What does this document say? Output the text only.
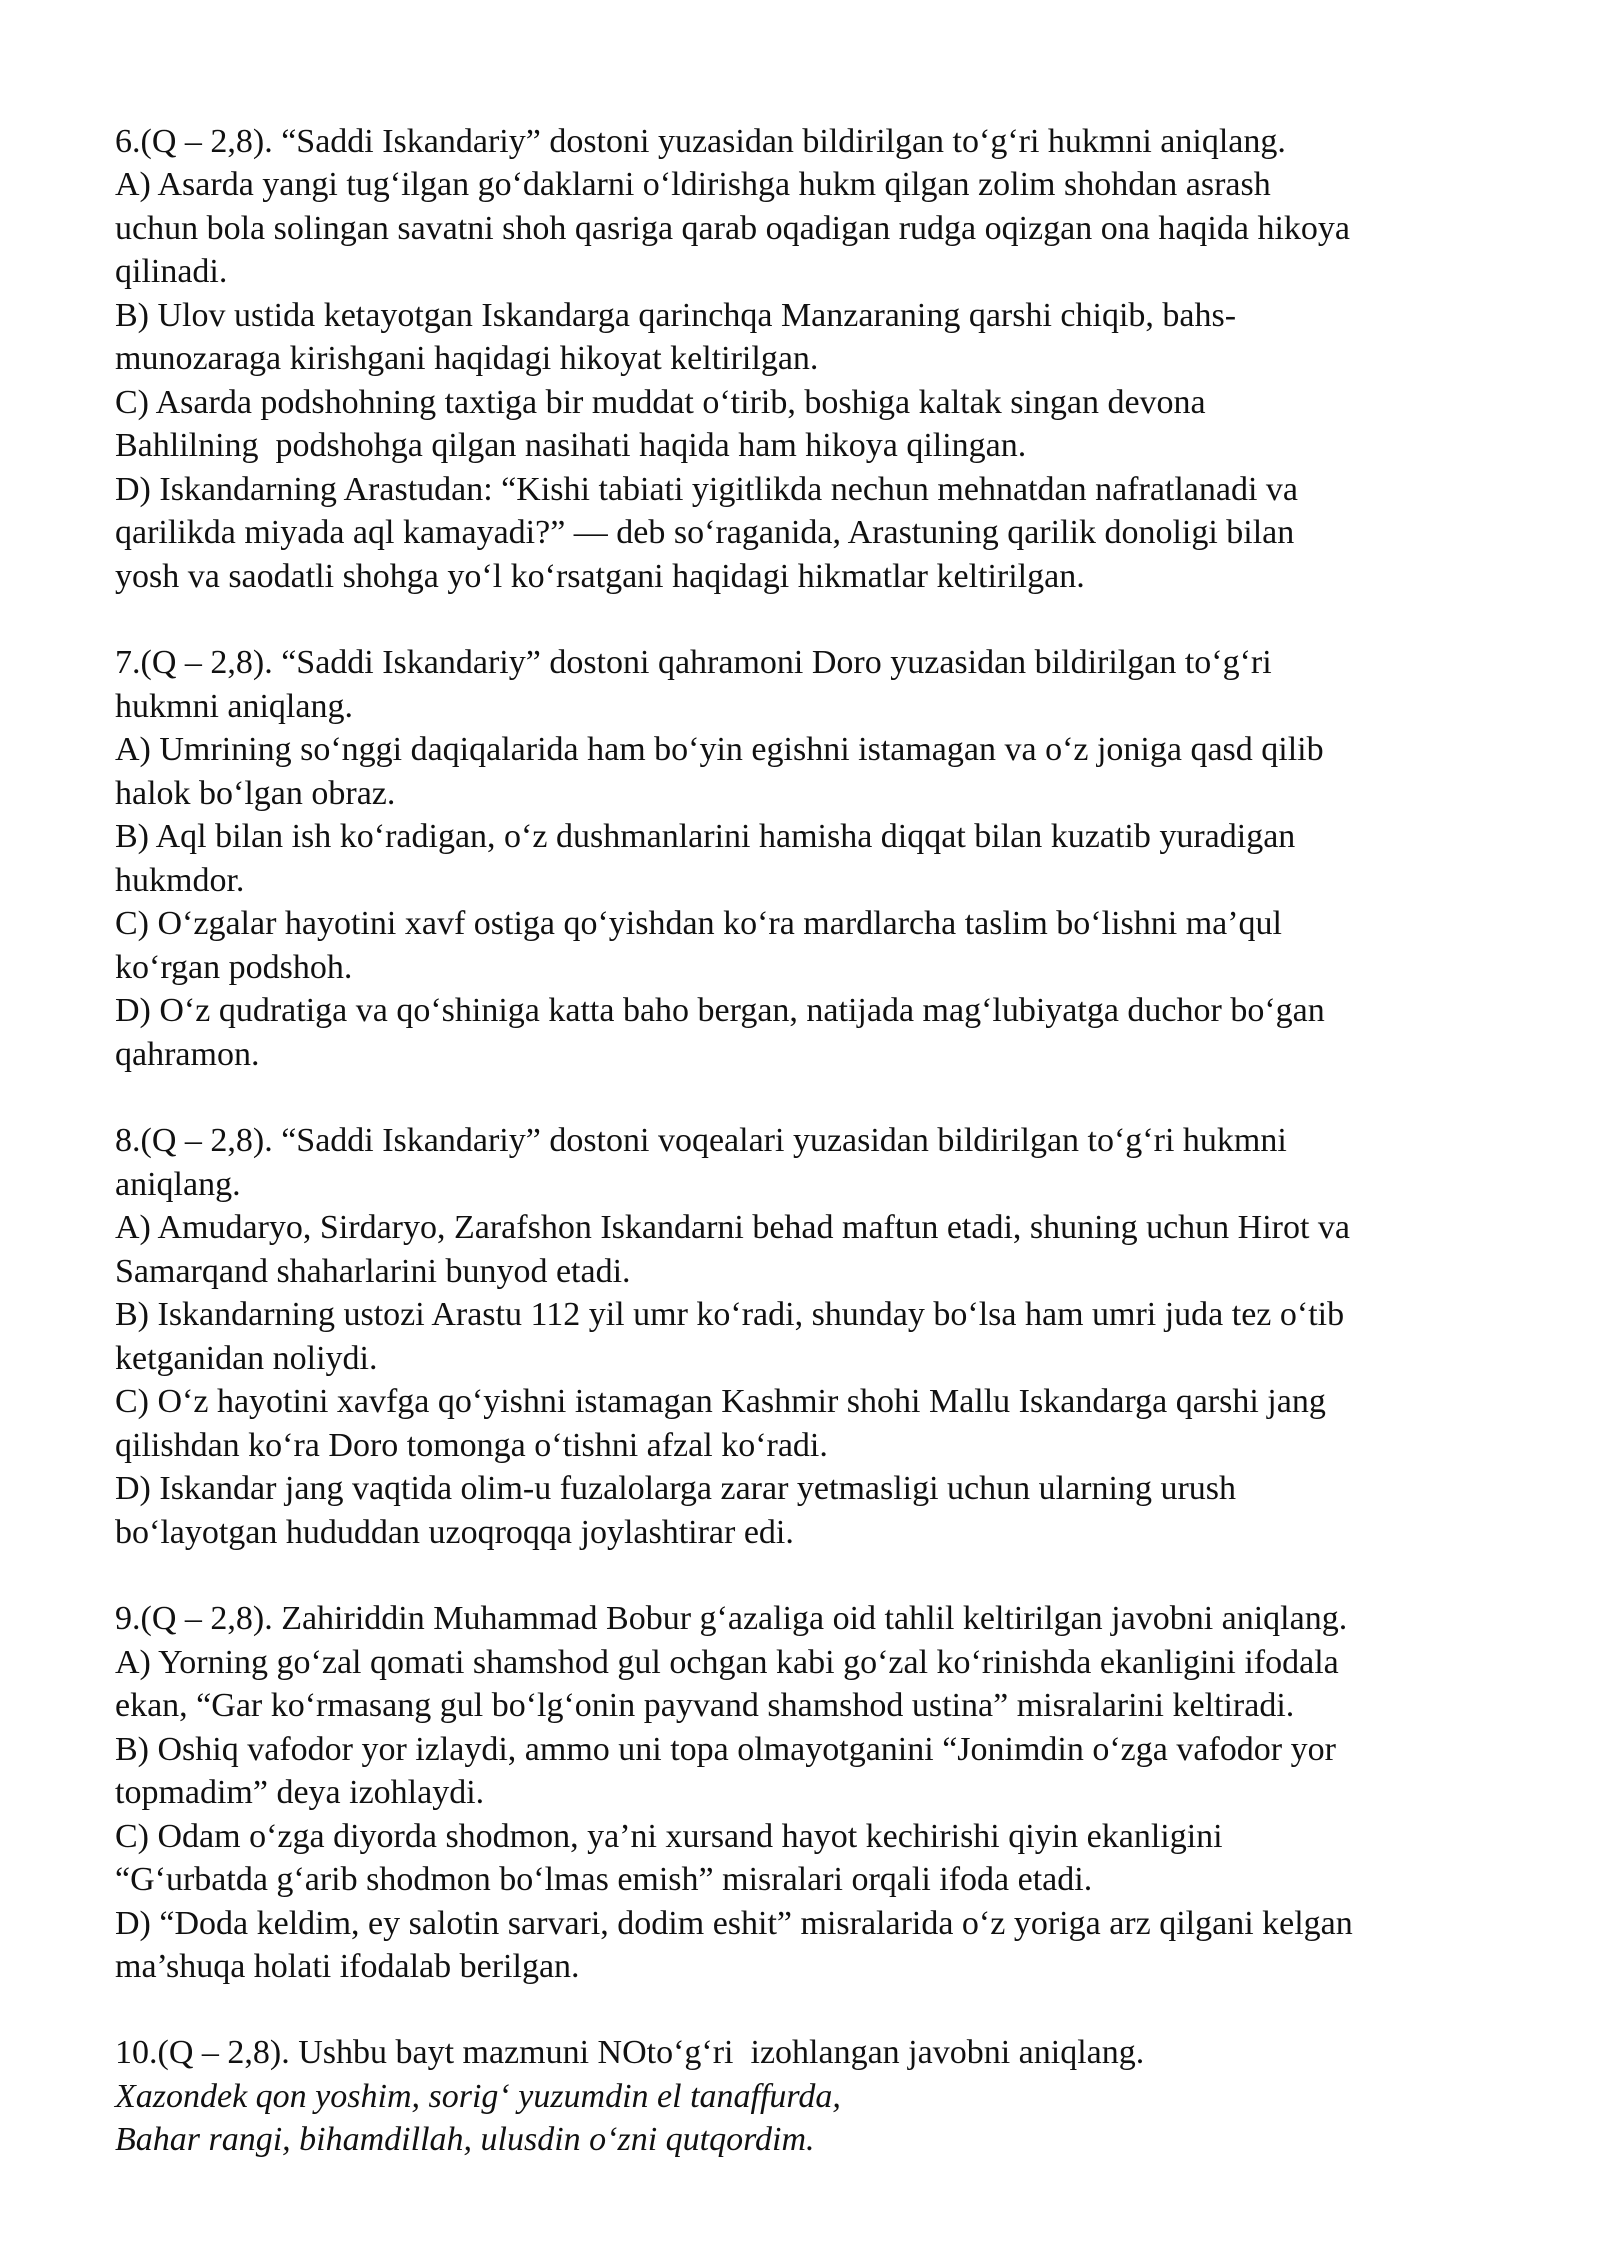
6.(Q – 2,8). “Saddi Iskandariy” dostoni yuzasidan bildirilgan to‘g‘ri hukmni aniqlang.
A) Asarda yangi tug‘ilgan go‘daklarni o‘ldirishga hukm qilgan zolim shohdan asrash
uchun bola solingan savatni shoh qasriga qarab oqadigan rudga oqizgan ona haqida hikoya
qilinadi.
B) Ulov ustida ketayotgan Iskandarga qarinchqa Manzaraning qarshi chiqib, bahs-
munozaraga kirishgani haqidagi hikoyat keltirilgan.
C) Asarda podshohning taxtiga bir muddat o‘tirib, boshiga kaltak singan devona
Bahlilning  podshohga qilgan nasihati haqida ham hikoya qilingan.
D) Iskandarning Arastudan: “Kishi tabiati yigitlikda nechun mehnatdan nafratlanadi va
qarilikda miyada aql kamayadi?” — deb so‘raganida, Arastuning qarilik donoligi bilan
yosh va saodatli shohga yo‘l ko‘rsatgani haqidagi hikmatlar keltirilgan.
7.(Q – 2,8). “Saddi Iskandariy” dostoni qahramoni Doro yuzasidan bildirilgan to‘g‘ri
hukmni aniqlang.
A) Umrining so‘nggi daqiqalarida ham bo‘yin egishni istamagan va o‘z joniga qasd qilib
halok bo‘lgan obraz.
B) Aql bilan ish ko‘radigan, o‘z dushmanlarini hamisha diqqat bilan kuzatib yuradigan
hukmdor.
C) O‘zgalar hayotini xavf ostiga qo‘yishdan ko‘ra mardlarcha taslim bo‘lishni ma’qul
ko‘rgan podshoh.
D) O‘z qudratiga va qo‘shiniga katta baho bergan, natijada mag‘lubiyatga duchor bo‘gan
qahramon.
8.(Q – 2,8). “Saddi Iskandariy” dostoni voqealari yuzasidan bildirilgan to‘g‘ri hukmni
aniqlang.
A) Amudaryo, Sirdaryo, Zarafshon Iskandarni behad maftun etadi, shuning uchun Hirot va
Samarqand shaharlarini bunyod etadi.
B) Iskandarning ustozi Arastu 112 yil umr ko‘radi, shunday bo‘lsa ham umri juda tez o‘tib
ketganidan noliydi.
C) O‘z hayotini xavfga qo‘yishni istamagan Kashmir shohi Mallu Iskandarga qarshi jang
qilishdan ko‘ra Doro tomonga o‘tishni afzal ko‘radi.
D) Iskandar jang vaqtida olim-u fuzalolarga zarar yetmasligi uchun ularning urush
bo‘layotgan hududdan uzoqroqqa joylashtirar edi.
9.(Q – 2,8). Zahiriddin Muhammad Bobur g‘azaliga oid tahlil keltirilgan javobni aniqlang.
A) Yorning go‘zal qomati shamshod gul ochgan kabi go‘zal ko‘rinishda ekanligini ifodala
ekan, “Gar ko‘rmasang gul bo‘lg‘onin payvand shamshod ustina” misralarini keltiradi.
B) Oshiq vafodor yor izlaydi, ammo uni topa olmayotganini “Jonimdin o‘zga vafodor yor
topmadim” deya izohlaydi.
C) Odam o‘zga diyorda shodmon, ya’ni xursand hayot kechirishi qiyin ekanligini
“G‘urbatda g‘arib shodmon bo‘lmas emish” misralari orqali ifoda etadi.
D) “Doda keldim, ey salotin sarvari, dodim eshit” misralarida o‘z yoriga arz qilgani kelgan
ma’shuqa holati ifodalab berilgan.
10.(Q – 2,8). Ushbu bayt mazmuni NOto‘g‘ri  izohlangan javobni aniqlang.
Xazondek qon yoshim, sorig‘ yuzumdin el tanaffurda,
Bahar rangi, bihamdillah, ulusdin o‘zni qutqordim.
